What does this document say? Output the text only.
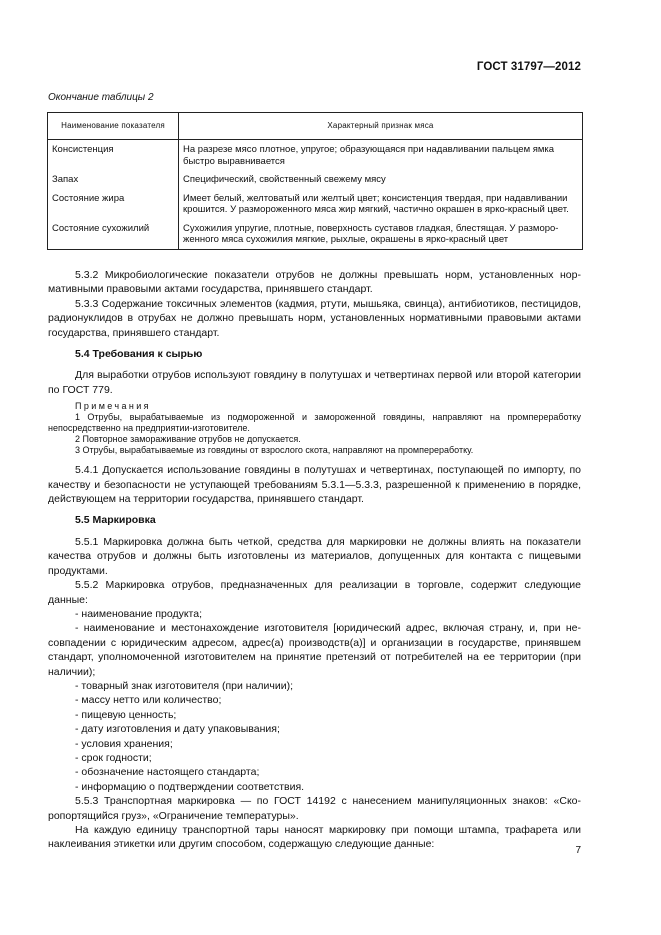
ГОСТ 31797—2012
Окончание таблицы 2
Наименование показателя	Характерный признак мяса
Консистенция	На разрезе мясо плотное, упругое; образующаяся при надавливании пальцем ямка быстро выравнивается
Запах	Специфический, свойственный свежему мясу
Состояние жира	Имеет белый, желтоватый или желтый цвет; консистенция твердая, при надавливании крошится. У размороженного мяса жир мягкий, частично окрашен в ярко-красный цвет.
Состояние сухожилий	Сухожилия упругие, плотные, поверхность суставов гладкая, блестящая. У размороженного мяса сухожилия мягкие, рыхлые, окрашены в ярко-красный цвет

5.3.2 Микробиологические показатели отрубов не должны превышать норм, установленных нормативными правовыми актами государства, принявшего стандарт.

5.3.3 Содержание токсичных элементов (кадмия, ртути, мышьяка, свинца), антибиотиков, пестицидов, радионуклидов в отрубах не должно превышать норм, установленных нормативными правовыми актами государства, принявшего стандарт.

5.4 Требования к сырью

Для выработки отрубов используют говядину в полутушах и четвертинах первой или второй категории по ГОСТ 779.

Примечания

1 Отрубы, вырабатываемые из подмороженной и замороженной говядины, направляют на промпереработку непосредственно на предприятии-изготовителе.

2 Повторное замораживание отрубов не допускается.

3 Отрубы, вырабатываемые из говядины от взрослого скота, направляют на промпереработку.

5.4.1 Допускается использование говядины в полутушах и четвертинах, поступающей по импорту, по качеству и безопасности не уступающей требованиям 5.3.1—5.3.3, разрешенной к применению в порядке, действующем на территории государства, принявшего стандарт.

5.5 Маркировка

5.5.1 Маркировка должна быть четкой, средства для маркировки не должны влиять на показатели качества отрубов и должны быть изготовлены из материалов, допущенных для контакта с пищевыми продуктами.

5.5.2 Маркировка отрубов, предназначенных для реализации в торговле, содержит следующие данные:

- наименование продукта;

- наименование и местонахождение изготовителя [юридический адрес, включая страну, и, при несовпадении с юридическим адресом, адрес(а) производств(а)] и организации в государстве, принявшем стандарт, уполномоченной изготовителем на принятие претензий от потребителей на ее территории (при наличии);

- товарный знак изготовителя (при наличии);

- массу нетто или количество;

- пищевую ценность;

- дату изготовления и дату упаковывания;

- условия хранения;

- срок годности;

- обозначение настоящего стандарта;

- информацию о подтверждении соответствия.

5.5.3 Транспортная маркировка — по ГОСТ 14192 с нанесением манипуляционных знаков: «Скоропортящийся груз», «Ограничение температуры».

На каждую единицу транспортной тары наносят маркировку при помощи штампа, трафарета или наклеивания этикетки или другим способом, содержащую следующие данные:

7
